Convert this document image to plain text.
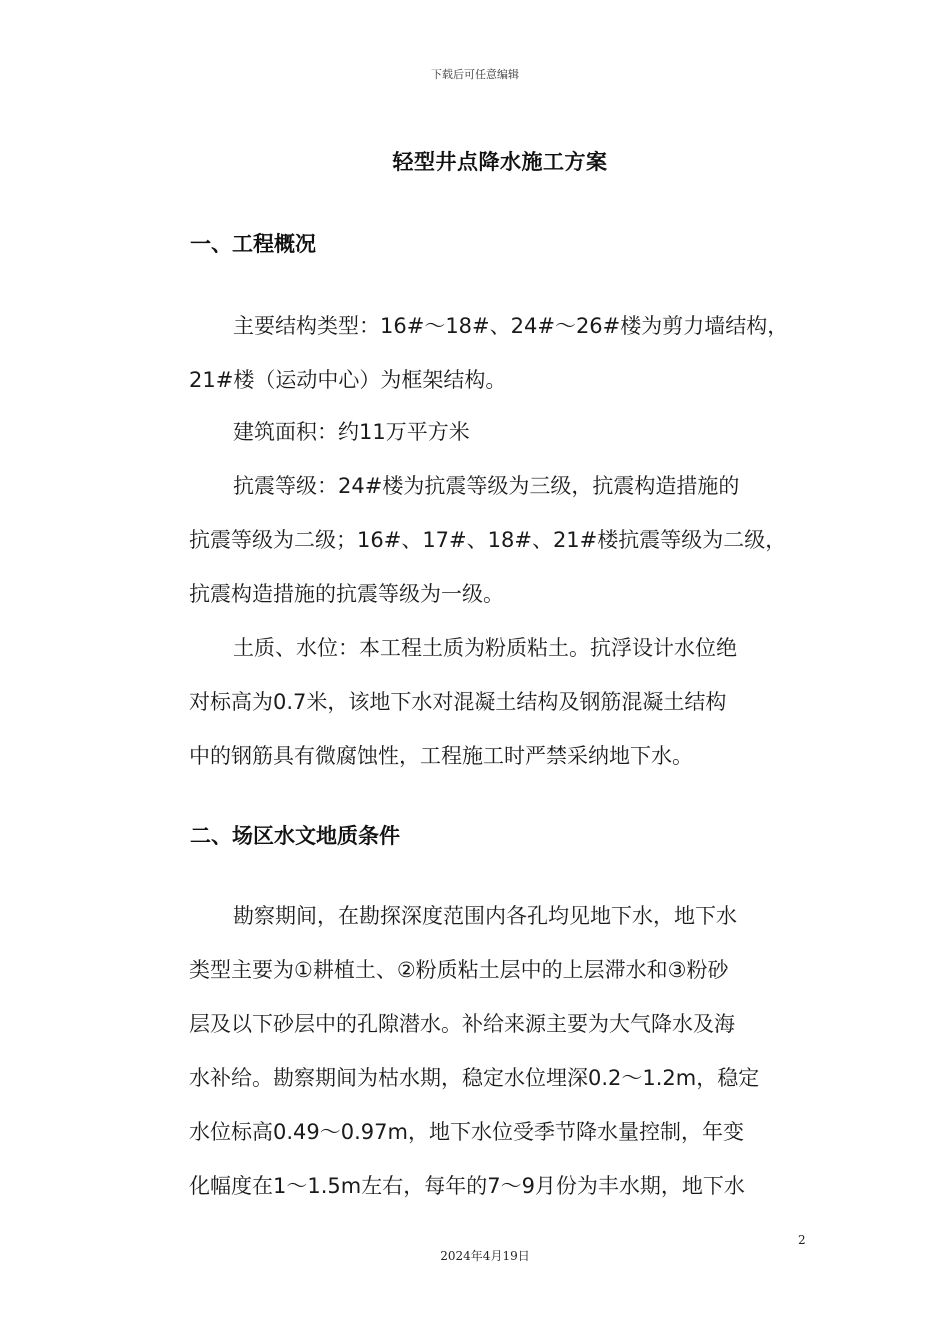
下载后可任意编辑
轻型井点降水施工方案
一、工程概况
主要结构类型：16#～18#、24#～26#楼为剪力墙结构，
21#楼（运动中心）为框架结构。
建筑面积：约11万平方米
抗震等级：24#楼为抗震等级为三级，抗震构造措施的
抗震等级为二级；16#、17#、18#、21#楼抗震等级为二级，
抗震构造措施的抗震等级为一级。
土质、水位：本工程土质为粉质粘土。抗浮设计水位绝
对标高为0.7米，该地下水对混凝土结构及钢筋混凝土结构
中的钢筋具有微腐蚀性，工程施工时严禁采纳地下水。
二、场区水文地质条件
勘察期间，在勘探深度范围内各孔均见地下水，地下水
类型主要为①耕植土、②粉质粘土层中的上层滞水和③粉砂
层及以下砂层中的孔隙潜水。补给来源主要为大气降水及海
水补给。勘察期间为枯水期，稳定水位埋深0.2～1.2m，稳定
水位标高0.49～0.97m，地下水位受季节降水量控制，年变
化幅度在1～1.5m左右，每年的7～9月份为丰水期，地下水
2
2024年4月19日
